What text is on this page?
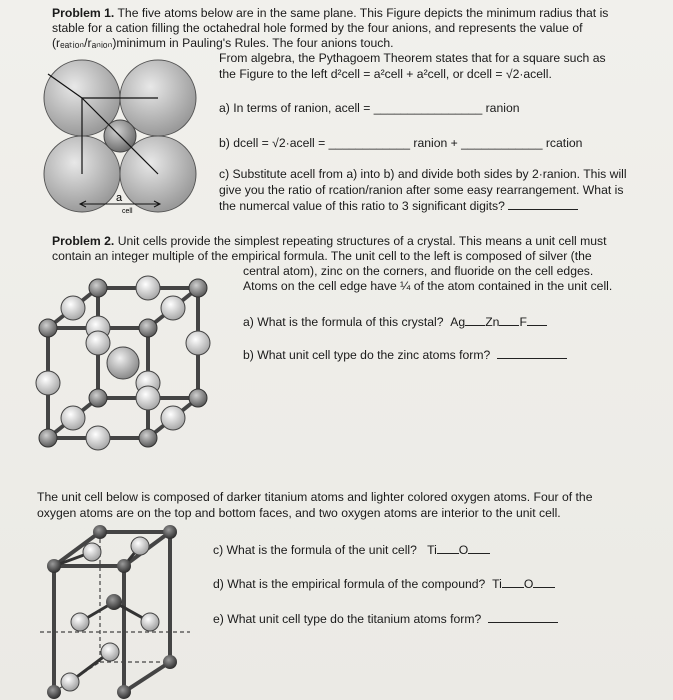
Problem 1. The five atoms below are in the same plane. This Figure depicts the minimum radius that is
stable for a cation filling the octahedral hole formed by the four anions, and represents the value of
(rₑₐₜᵢₒₙ/rₐₙᵢₒₙ)minimum in Pauling's Rules. The four anions touch.
From algebra, the Pythagoem Theorem states that for a square such as
the Figure to the left d²cell = a²cell + a²cell, or dcell = √2·acell.
a) In terms of ranion, acell = ________________ ranion
b) dcell = √2·acell = ____________ ranion + ____________ rcation
c) Substitute acell from a) into b) and divide both sides by 2·ranion. This will
give you the ratio of rcation/ranion after some easy rearrangement. What is
the numercal value of this ratio to 3 significant digits?
a
cell
Problem 2. Unit cells provide the simplest repeating structures of a crystal. This means a unit cell must
contain an integer multiple of the empirical formula. The unit cell to the left is composed of silver (the
central atom), zinc on the corners, and fluoride on the cell edges.
Atoms on the cell edge have ¼ of the atom contained in the unit cell.
a) What is the formula of this crystal? Ag Zn F
b) What unit cell type do the zinc atoms form?
The unit cell below is composed of darker titanium atoms and lighter colored oxygen atoms. Four of the
oxygen atoms are on the top and bottom faces, and two oxygen atoms are interior to the unit cell.
c) What is the formula of the unit cell? Ti O
d) What is the empirical formula of the compound? Ti O
e) What unit cell type do the titanium atoms form?
